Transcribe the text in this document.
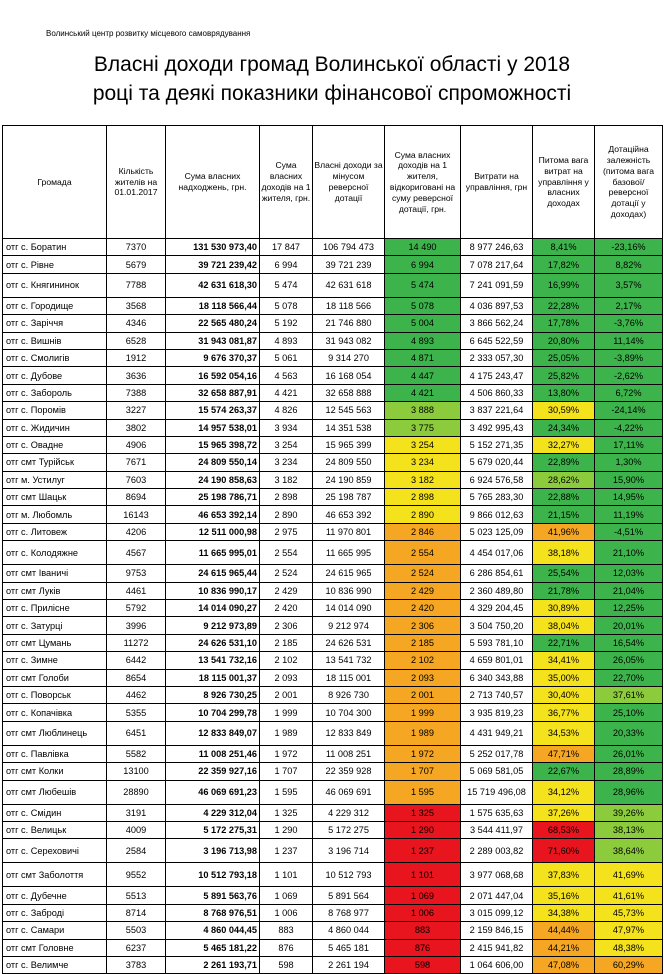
Волинський центр розвитку місцевого самоврядування
Власні доходи громад Волинської області у 2018
році та деякі показники фінансової спроможності
Громада	Кількість жителів на 01.01.2017	Сума власних надходжень, грн.	Сума власних доходів на 1 жителя, грн.	Власні доходи за мінусом реверсної дотації	Сума власних доходів на 1 жителя, відкориговані на суму реверсної дотації, грн.	Витрати на управління, грн	Питома вага витрат на управління у власних доходах	Дотаційна залежність (питома вага базової/реверсної дотації у доходах)
отг с. Боратин	7370	131 530 973,40	17 847	106 794 473	14 490	8 977 246,63	8,41%	-23,16%
отг с. Рівне	5679	39 721 239,42	6 994	39 721 239	6 994	7 078 217,64	17,82%	8,82%
отг с. Княгининок	7788	42 631 618,30	5 474	42 631 618	5 474	7 241 091,59	16,99%	3,57%
отг с. Городище	3568	18 118 566,44	5 078	18 118 566	5 078	4 036 897,53	22,28%	2,17%
отг с. Заріччя	4346	22 565 480,24	5 192	21 746 880	5 004	3 866 562,24	17,78%	-3,76%
отг с. Вишнів	6528	31 943 081,87	4 893	31 943 082	4 893	6 645 522,59	20,80%	11,14%
отг с. Смолигів	1912	9 676 370,37	5 061	9 314 270	4 871	2 333 057,30	25,05%	-3,89%
отг с. Дубове	3636	16 592 054,16	4 563	16 168 054	4 447	4 175 243,47	25,82%	-2,62%
отг с. Забороль	7388	32 658 887,91	4 421	32 658 888	4 421	4 506 860,33	13,80%	6,72%
отг с. Поромів	3227	15 574 263,37	4 826	12 545 563	3 888	3 837 221,64	30,59%	-24,14%
отг с. Жидичин	3802	14 957 538,01	3 934	14 351 538	3 775	3 492 995,43	24,34%	-4,22%
отг с. Овадне	4906	15 965 398,72	3 254	15 965 399	3 254	5 152 271,35	32,27%	17,11%
отг смт Турійськ	7671	24 809 550,14	3 234	24 809 550	3 234	5 679 020,44	22,89%	1,30%
отг м. Устилуг	7603	24 190 858,63	3 182	24 190 859	3 182	6 924 576,58	28,62%	15,90%
отг смт Шацьк	8694	25 198 786,71	2 898	25 198 787	2 898	5 765 283,30	22,88%	14,95%
отг м. Любомль	16143	46 653 392,14	2 890	46 653 392	2 890	9 866 012,63	21,15%	11,19%
отг с. Литовеж	4206	12 511 000,98	2 975	11 970 801	2 846	5 023 125,09	41,96%	-4,51%
отг с. Колодяжне	4567	11 665 995,01	2 554	11 665 995	2 554	4 454 017,06	38,18%	21,10%
отг смт Іваничі	9753	24 615 965,44	2 524	24 615 965	2 524	6 286 854,61	25,54%	12,03%
отг смт Луків	4461	10 836 990,17	2 429	10 836 990	2 429	2 360 489,80	21,78%	21,04%
отг с. Прилісне	5792	14 014 090,27	2 420	14 014 090	2 420	4 329 204,45	30,89%	12,25%
отг с. Затурці	3996	9 212 973,89	2 306	9 212 974	2 306	3 504 750,20	38,04%	20,01%
отг смт Цумань	11272	24 626 531,10	2 185	24 626 531	2 185	5 593 781,10	22,71%	16,54%
отг с. Зимне	6442	13 541 732,16	2 102	13 541 732	2 102	4 659 801,01	34,41%	26,05%
отг смт Голоби	8654	18 115 001,37	2 093	18 115 001	2 093	6 340 343,88	35,00%	22,70%
отг с. Поворськ	4462	8 926 730,25	2 001	8 926 730	2 001	2 713 740,57	30,40%	37,61%
отг с. Копачівка	5355	10 704 299,78	1 999	10 704 300	1 999	3 935 819,23	36,77%	25,10%
отг смт Люблинець	6451	12 833 849,07	1 989	12 833 849	1 989	4 431 949,21	34,53%	20,33%
отг с. Павлівка	5582	11 008 251,46	1 972	11 008 251	1 972	5 252 017,78	47,71%	26,01%
отг смт Колки	13100	22 359 927,16	1 707	22 359 928	1 707	5 069 581,05	22,67%	28,89%
отг смт Любешів	28890	46 069 691,23	1 595	46 069 691	1 595	15 719 496,08	34,12%	28,96%
отг с. Смідин	3191	4 229 312,04	1 325	4 229 312	1 325	1 575 635,63	37,26%	39,26%
отг с. Велицьк	4009	5 172 275,31	1 290	5 172 275	1 290	3 544 411,97	68,53%	38,13%
отг с. Сереховичі	2584	3 196 713,98	1 237	3 196 714	1 237	2 289 003,82	71,60%	38,64%
отг смт Заболоття	9552	10 512 793,18	1 101	10 512 793	1 101	3 977 068,68	37,83%	41,69%
отг с. Дубечне	5513	5 891 563,76	1 069	5 891 564	1 069	2 071 447,04	35,16%	41,61%
отг с. Забродi	8714	8 768 976,51	1 006	8 768 977	1 006	3 015 099,12	34,38%	45,73%
отг с. Самари	5503	4 860 044,45	883	4 860 044	883	2 159 846,15	44,44%	47,97%
отг смт Головне	6237	5 465 181,22	876	5 465 181	876	2 415 941,82	44,21%	48,38%
отг с. Велимче	3783	2 261 193,71	598	2 261 194	598	1 064 606,00	47,08%	60,29%
